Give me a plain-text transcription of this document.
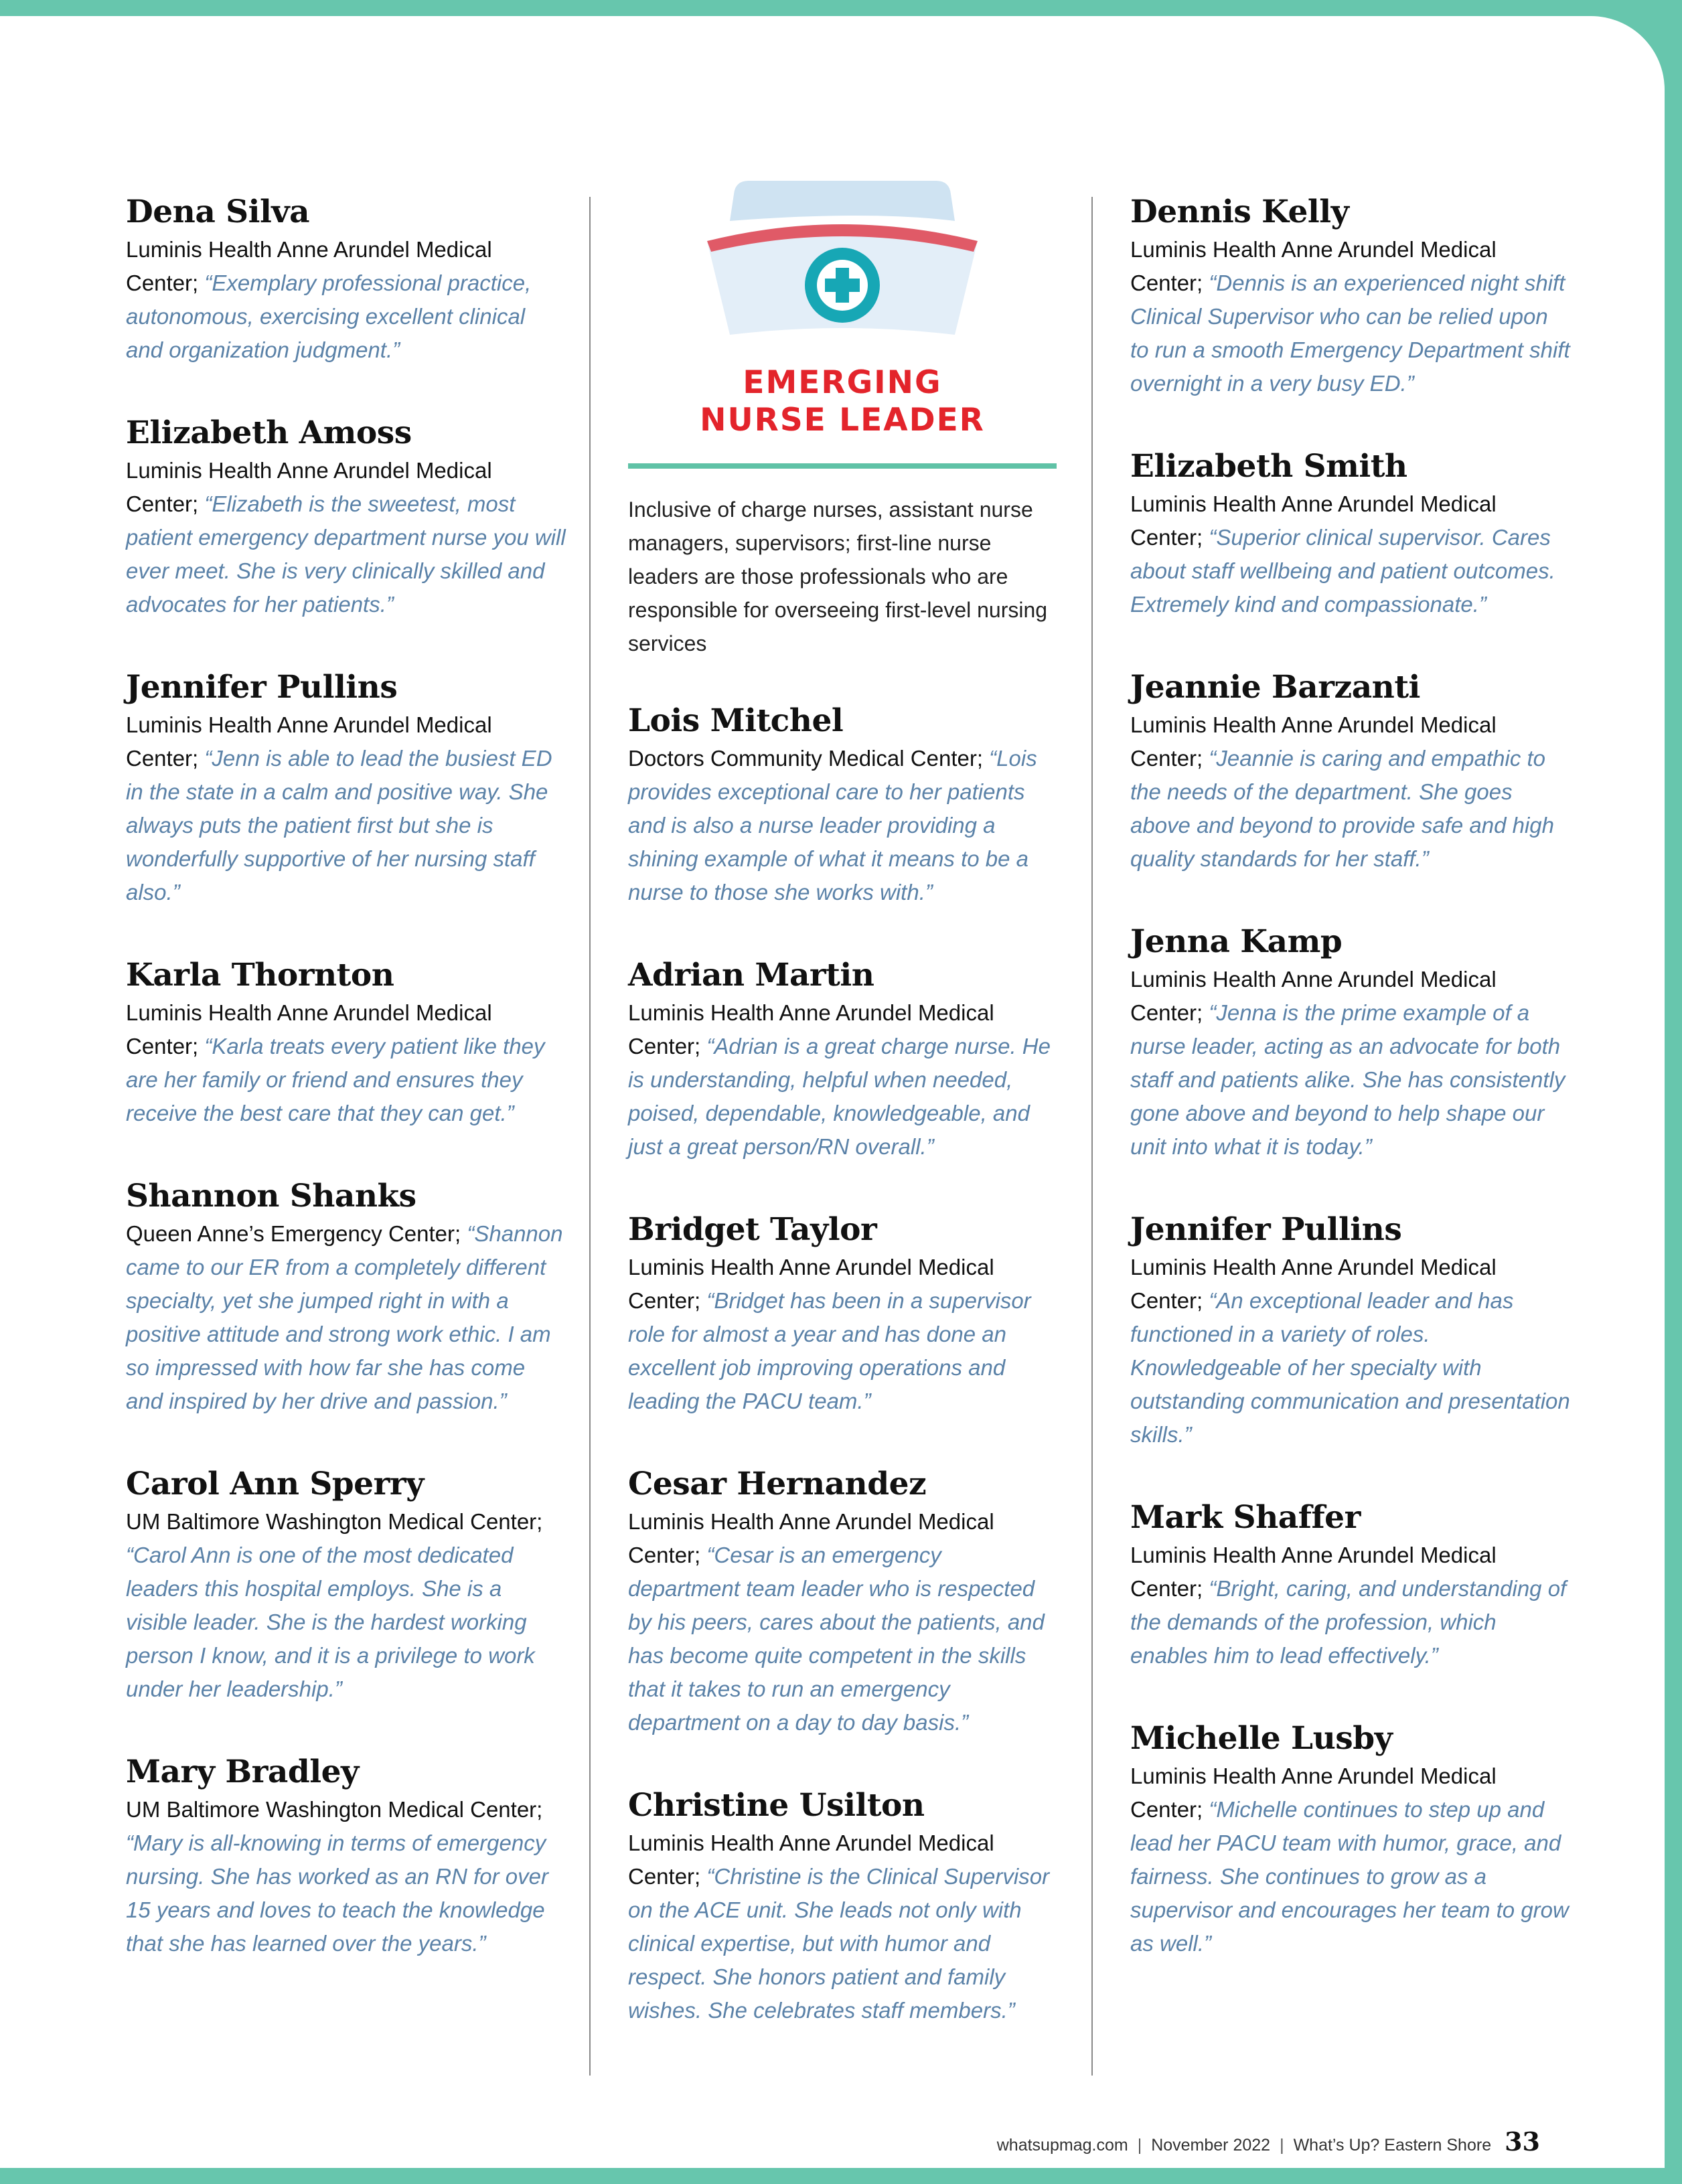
Dena Silva
Luminis Health Anne Arundel Medical Center; “Exemplary professional practice, autonomous, exercising excellent clinical and organization judgment.”
Elizabeth Amoss
Luminis Health Anne Arundel Medical Center; “Elizabeth is the sweetest, most patient emergency department nurse you will ever meet. She is very clinically skilled and advocates for her patients.”
Jennifer Pullins
Luminis Health Anne Arundel Medical Center; “Jenn is able to lead the busiest ED in the state in a calm and positive way. She always puts the patient first but she is wonderfully supportive of her nursing staff also.”
Karla Thornton
Luminis Health Anne Arundel Medical Center; “Karla treats every patient like they are her family or friend and ensures they receive the best care that they can get.”
Shannon Shanks
Queen Anne’s Emergency Center; “Shannon came to our ER from a completely different specialty, yet she jumped right in with a positive attitude and strong work ethic. I am so impressed with how far she has come and inspired by her drive and passion.”
Carol Ann Sperry
UM Baltimore Washington Medical Center; “Carol Ann is one of the most dedicated leaders this hospital employs. She is a visible leader. She is the hardest working person I know, and it is a privilege to work under her leadership.”
Mary Bradley
UM Baltimore Washington Medical Center; “Mary is all-knowing in terms of emergency nursing. She has worked as an RN for over 15 years and loves to teach the knowledge that she has learned over the years.”
EMERGING
NURSE LEADER
Inclusive of charge nurses, assistant nurse managers, supervisors; first-line nurse leaders are those professionals who are responsible for overseeing first-level nursing services
Lois Mitchel
Doctors Community Medical Center; “Lois provides exceptional care to her patients and is also a nurse leader providing a shining example of what it means to be a nurse to those she works with.”
Adrian Martin
Luminis Health Anne Arundel Medical Center; “Adrian is a great charge nurse. He is understanding, helpful when needed, poised, dependable, knowledgeable, and just a great person/RN overall.”
Bridget Taylor
Luminis Health Anne Arundel Medical Center; “Bridget has been in a supervisor role for almost a year and has done an excellent job improving operations and leading the PACU team.”
Cesar Hernandez
Luminis Health Anne Arundel Medical Center; “Cesar is an emergency department team leader who is respected by his peers, cares about the patients, and has become quite competent in the skills that it takes to run an emergency department on a day to day basis.”
Christine Usilton
Luminis Health Anne Arundel Medical Center; “Christine is the Clinical Supervisor on the ACE unit. She leads not only with clinical expertise, but with humor and respect. She honors patient and family wishes. She celebrates staff members.”
Dennis Kelly
Luminis Health Anne Arundel Medical Center; “Dennis is an experienced night shift Clinical Supervisor who can be relied upon to run a smooth Emergency Department shift overnight in a very busy ED.”
Elizabeth Smith
Luminis Health Anne Arundel Medical Center; “Superior clinical supervisor. Cares about staff wellbeing and patient outcomes. Extremely kind and compassionate.”
Jeannie Barzanti
Luminis Health Anne Arundel Medical Center; “Jeannie is caring and empathic to the needs of the department. She goes above and beyond to provide safe and high quality standards for her staff.”
Jenna Kamp
Luminis Health Anne Arundel Medical Center; “Jenna is the prime example of a nurse leader, acting as an advocate for both staff and patients alike. She has consistently gone above and beyond to help shape our unit into what it is today.”
Jennifer Pullins
Luminis Health Anne Arundel Medical Center; “An exceptional leader and has functioned in a variety of roles. Knowledgeable of her specialty with outstanding communication and presentation skills.”
Mark Shaffer
Luminis Health Anne Arundel Medical Center; “Bright, caring, and understanding of the demands of the profession, which enables him to lead effectively.”
Michelle Lusby
Luminis Health Anne Arundel Medical Center; “Michelle continues to step up and lead her PACU team with humor, grace, and fairness. She continues to grow as a supervisor and encourages her team to grow as well.”
whatsupmag.com | November 2022 | What’s Up? Eastern Shore 33
